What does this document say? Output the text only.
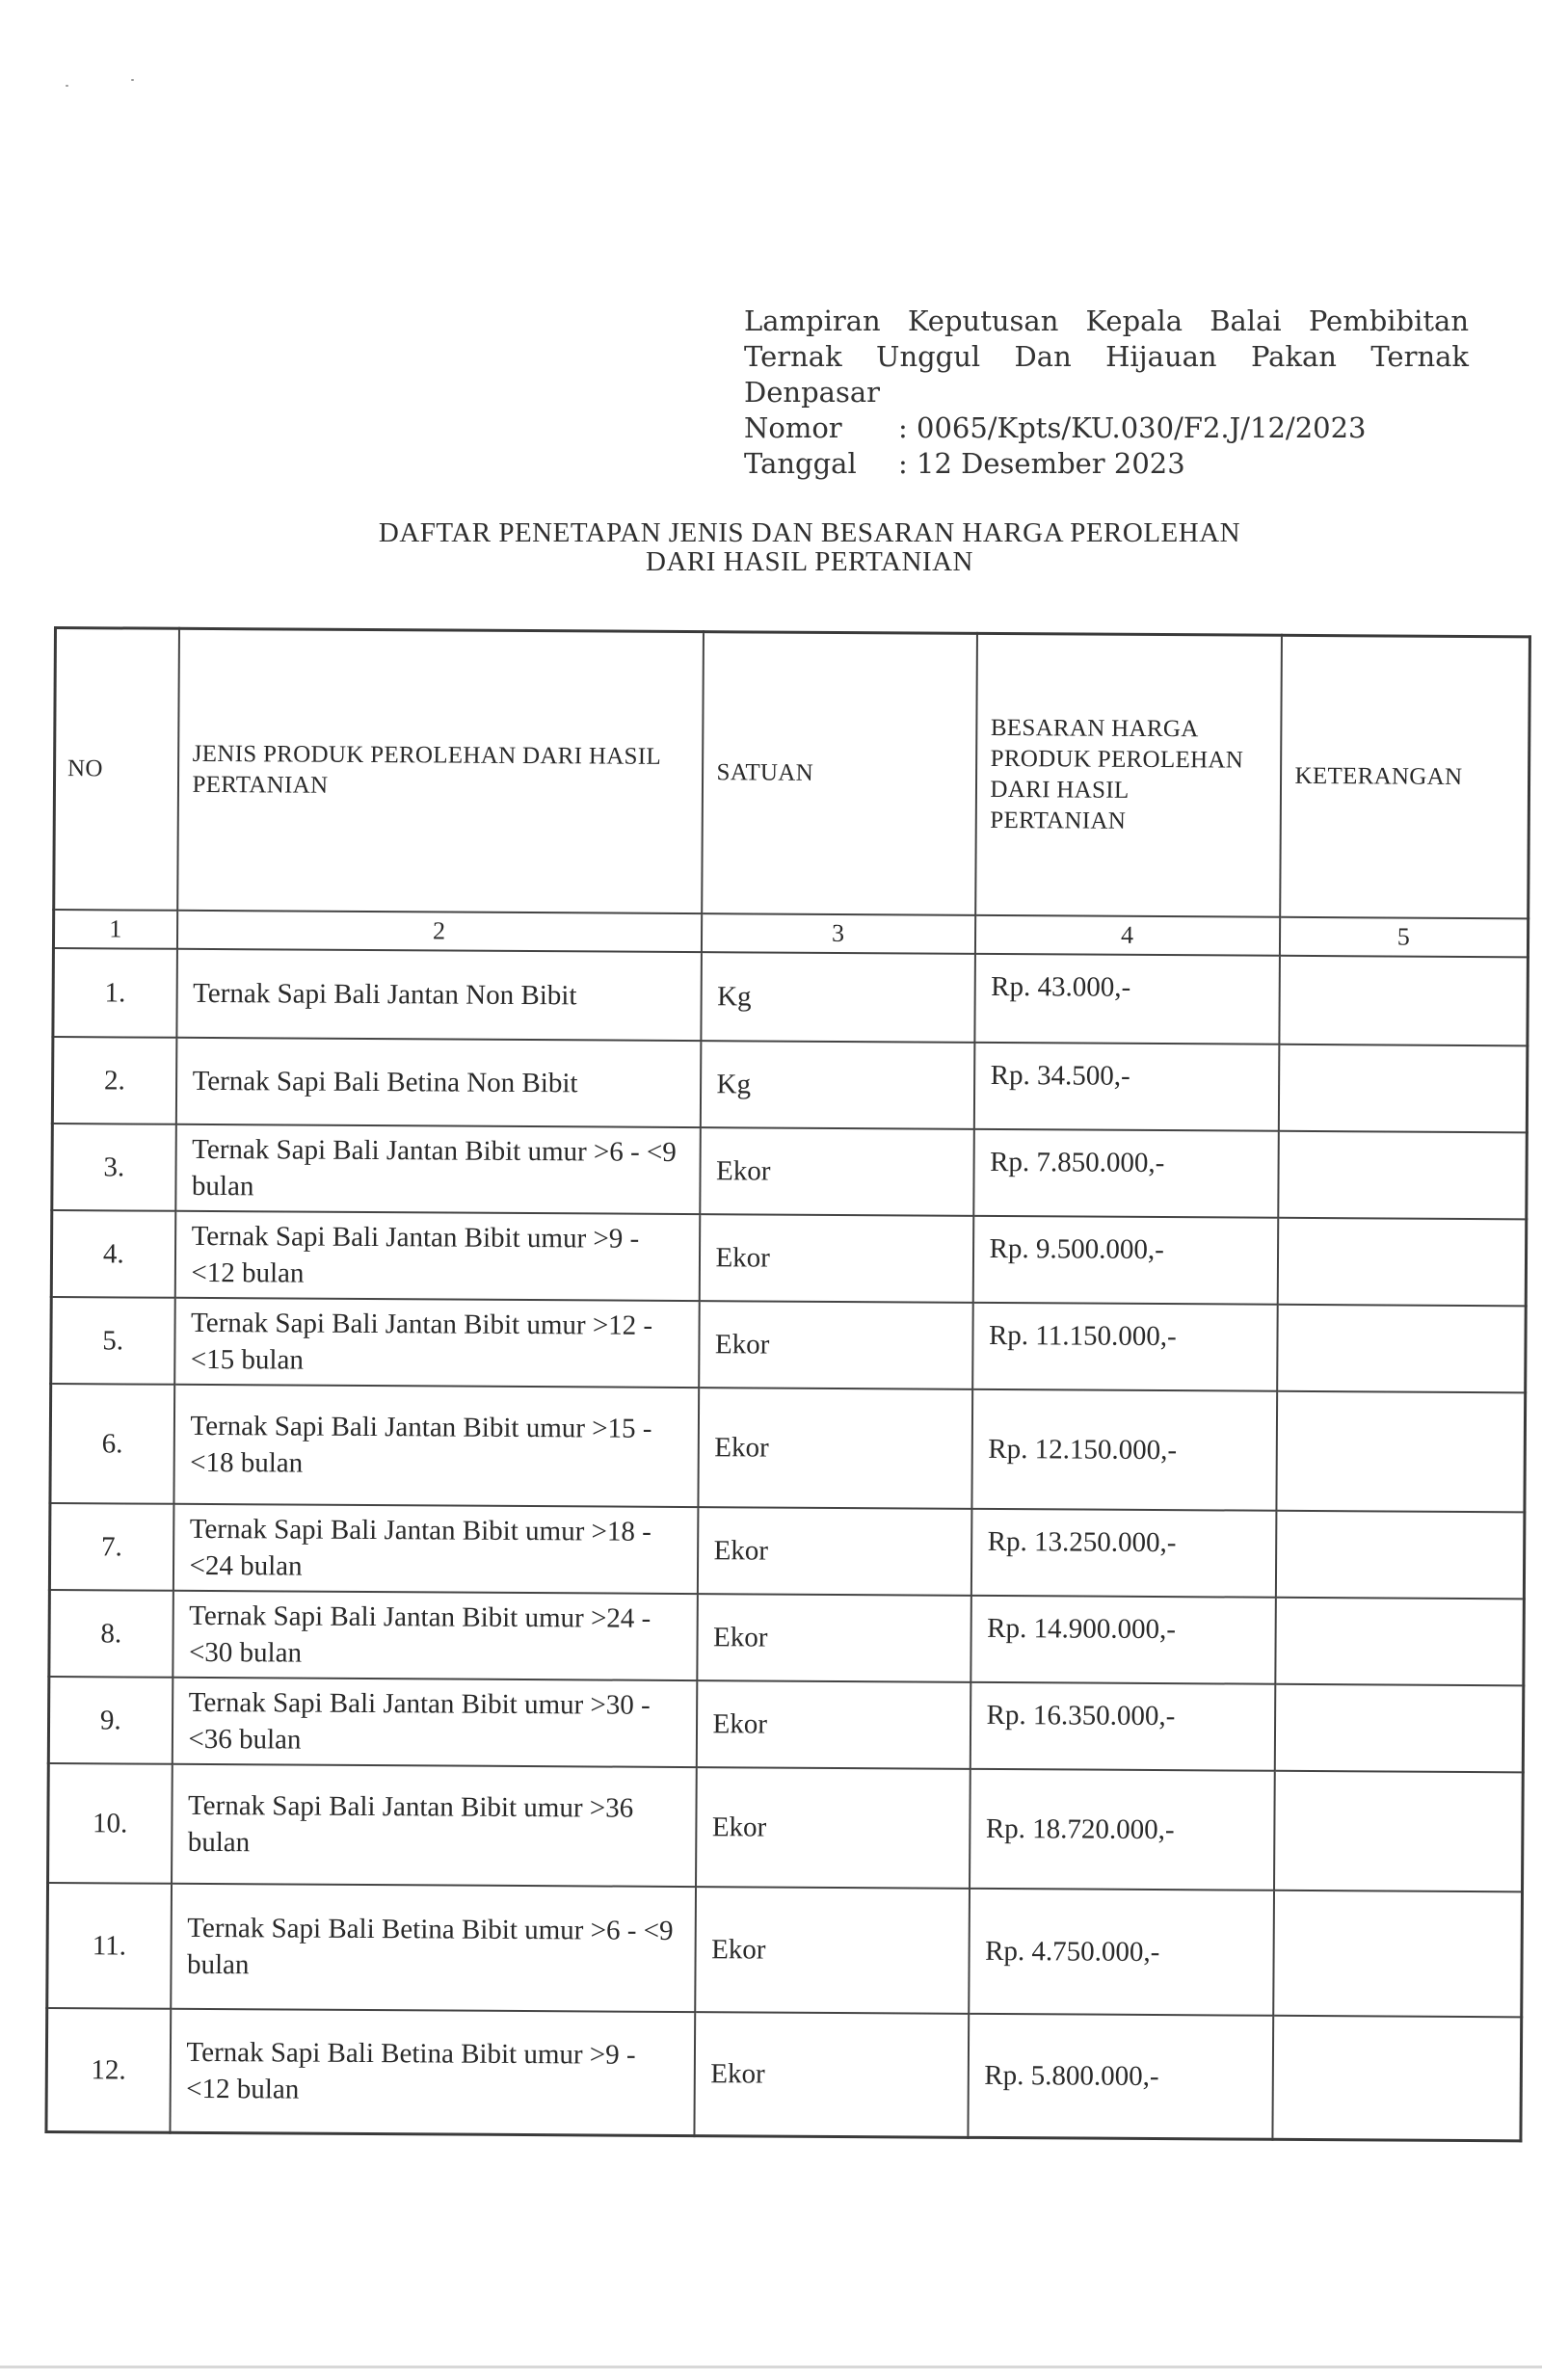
Lampiran Keputusan Kepala Balai Pembibitan Ternak Unggul Dan Hijauan Pakan Ternak Denpasar
Nomor	: 0065/Kpts/KU.030/F2.J/12/2023
Tanggal	: 12 Desember 2023
DAFTAR PENETAPAN JENIS DAN BESARAN HARGA PEROLEHAN
DARI HASIL PERTANIAN
NO	JENIS PRODUK PEROLEHAN DARI HASIL PERTANIAN	SATUAN	BESARAN HARGA PRODUK PEROLEHAN DARI HASIL PERTANIAN	KETERANGAN
1	2	3	4	5
1.	Ternak Sapi Bali Jantan Non Bibit	Kg	Rp. 43.000,-	
2.	Ternak Sapi Bali Betina Non Bibit	Kg	Rp. 34.500,-	
3.	Ternak Sapi Bali Jantan Bibit umur >6 - <9 bulan	Ekor	Rp. 7.850.000,-	
4.	Ternak Sapi Bali Jantan Bibit umur >9 - <12 bulan	Ekor	Rp. 9.500.000,-	
5.	Ternak Sapi Bali Jantan Bibit umur >12 - <15 bulan	Ekor	Rp. 11.150.000,-	
6.	Ternak Sapi Bali Jantan Bibit umur >15 - <18 bulan	Ekor	Rp. 12.150.000,-	
7.	Ternak Sapi Bali Jantan Bibit umur >18 - <24 bulan	Ekor	Rp. 13.250.000,-	
8.	Ternak Sapi Bali Jantan Bibit umur >24 - <30 bulan	Ekor	Rp. 14.900.000,-	
9.	Ternak Sapi Bali Jantan Bibit umur >30 - <36 bulan	Ekor	Rp. 16.350.000,-	
10.	Ternak Sapi Bali Jantan Bibit umur >36 bulan	Ekor	Rp. 18.720.000,-	
11.	Ternak Sapi Bali Betina Bibit umur >6 - <9 bulan	Ekor	Rp. 4.750.000,-	
12.	Ternak Sapi Bali Betina Bibit umur >9 - <12 bulan	Ekor	Rp. 5.800.000,-	
